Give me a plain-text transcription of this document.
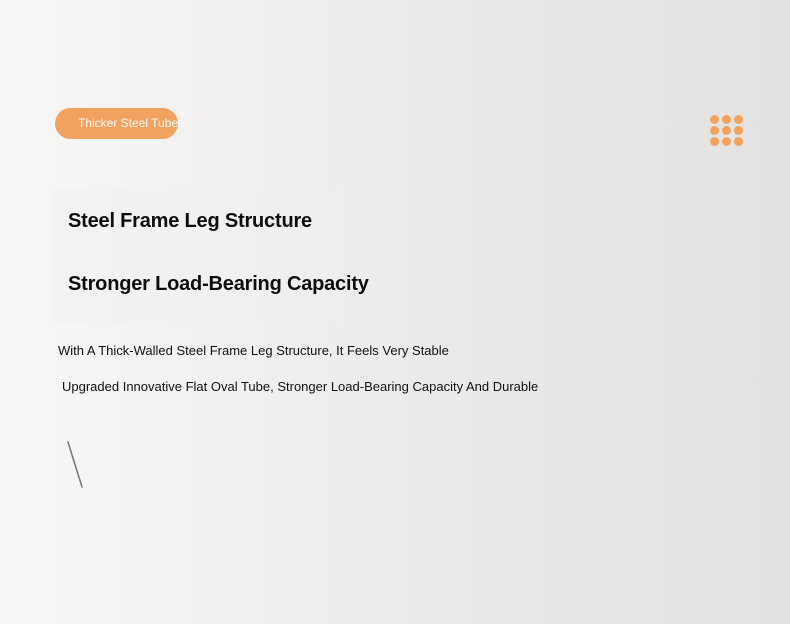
Thicker Steel Tube
Steel Frame Leg Structure
Stronger Load-Bearing Capacity

With A Thick-Walled Steel Frame Leg Structure, It Feels Very Stable

Upgraded Innovative Flat Oval Tube, Stronger Load-Bearing Capacity And Durable
